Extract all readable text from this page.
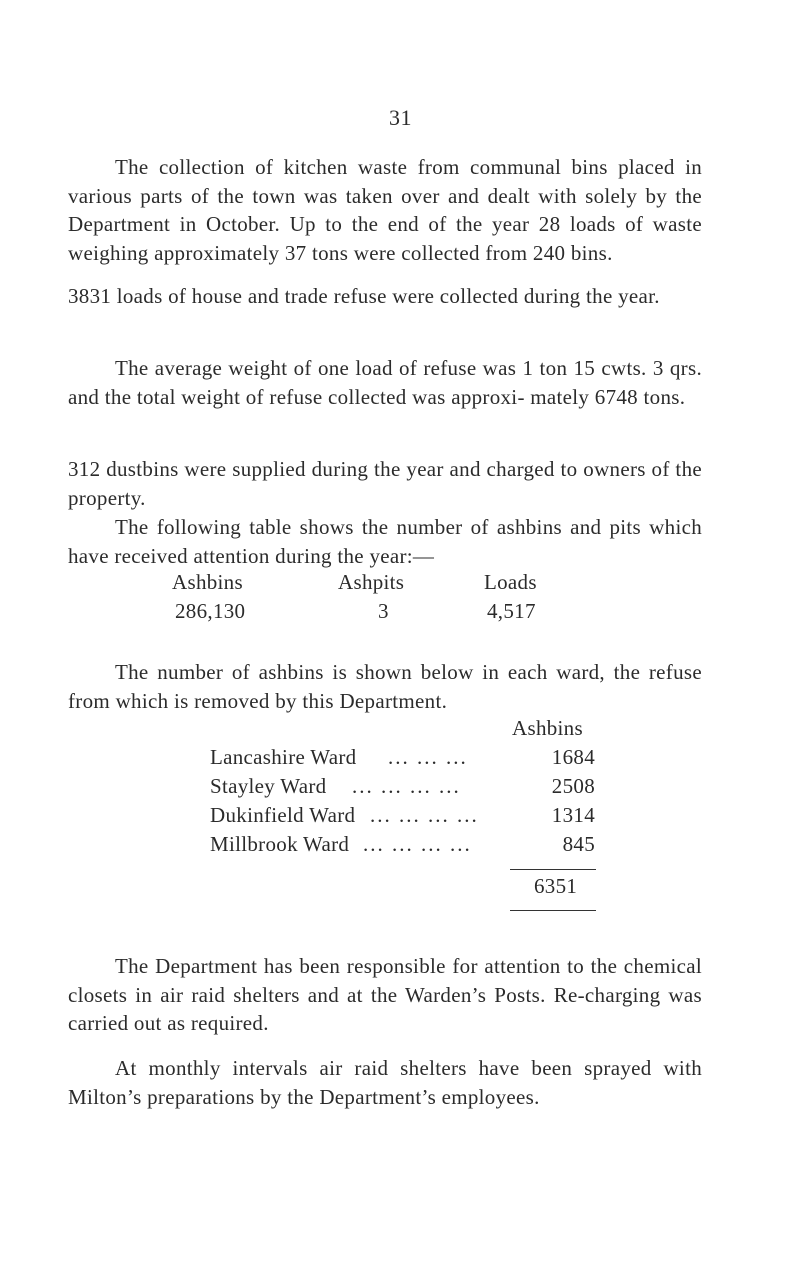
31

The collection of kitchen waste from communal bins placed in various parts of the town was taken over and dealt with solely by the Department in October. Up to the end of the year 28 loads of waste weighing approximately 37 tons were collected from 240 bins.

3831 loads of house and trade refuse were collected during the year.

The average weight of one load of refuse was 1 ton 15 cwts. 3 qrs. and the total weight of refuse collected was approxi- mately 6748 tons.

312 dustbins were supplied during the year and charged to owners of the property.

The following table shows the number of ashbins and pits which have received attention during the year:—

Ashbins	Ashpits	Loads
286,130	3	4,517

The number of ashbins is shown below in each ward, the refuse from which is removed by this Department.

Ashbins
Lancashire Ward ... ... ...	1684
Stayley Ward ... ... ... ...	2508
Dukinfield Ward ... ... ... ...	1314
Millbrook Ward ... ... ... ...	845
6351

The Department has been responsible for attention to the chemical closets in air raid shelters and at the Warden’s Posts. Re-charging was carried out as required.

At monthly intervals air raid shelters have been sprayed with Milton’s preparations by the Department’s employees.
